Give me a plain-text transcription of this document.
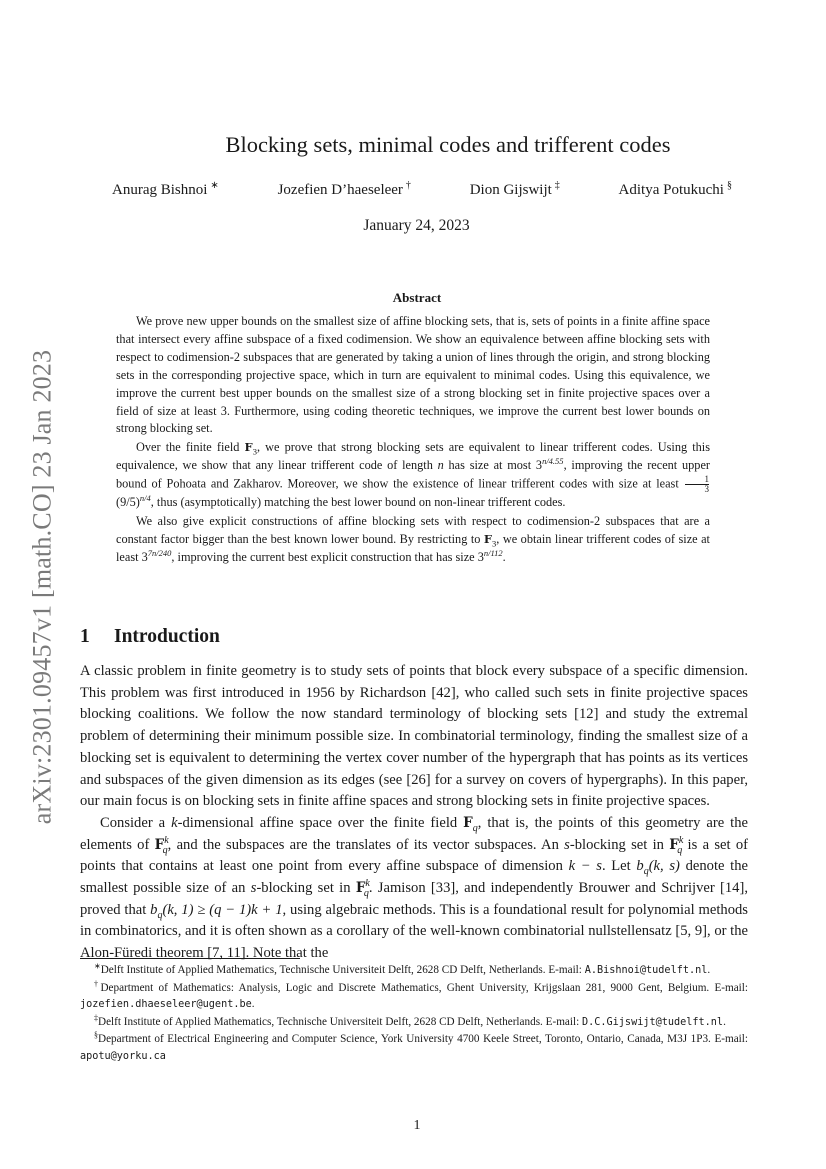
arXiv:2301.09457v1 [math.CO] 23 Jan 2023
Blocking sets, minimal codes and trifferent codes
Anurag Bishnoi ∗	Jozefien D’haeseleer †	Dion Gijswijt ‡	Aditya Potukuchi §
January 24, 2023
Abstract

We prove new upper bounds on the smallest size of affine blocking sets, that is, sets of points in a finite affine space that intersect every affine subspace of a fixed codimension. We show an equivalence between affine blocking sets with respect to codimension-2 subspaces that are generated by taking a union of lines through the origin, and strong blocking sets in the corresponding projective space, which in turn are equivalent to minimal codes. Using this equivalence, we improve the current best upper bounds on the smallest size of a strong blocking set in finite projective spaces over a field of size at least 3. Furthermore, using coding theoretic techniques, we improve the current best lower bounds on strong blocking set.

Over the finite field $F_3$, we prove that strong blocking sets are equivalent to linear trifferent codes. Using this equivalence, we show that any linear trifferent code of length n has size at most $3^{n/4.55}$, improving the recent upper bound of Pohoata and Zakharov. Moreover, we show the existence of linear trifferent codes with size at least $\frac{1}{3}$
$(9/5)^{n/4}$, thus (asymptotically) matching the best lower bound on non-linear trifferent codes.

We also give explicit constructions of affine blocking sets with respect to codimension-2 subspaces that are a constant factor bigger than the best known lower bound. By restricting to $F_3$, we obtain linear trifferent codes of size at least $3^{7n/240}$, improving the current best explicit construction that has size $3^{n/112}$.

1 Introduction

A classic problem in finite geometry is to study sets of points that block every subspace of a specific dimension. This problem was first introduced in 1956 by Richardson [42], who called such sets in finite projective spaces blocking coalitions. We follow the now standard terminology of blocking sets [12] and study the extremal problem of determining their minimum possible size. In combinatorial terminology, finding the smallest size of a blocking set is equivalent to determining the vertex cover number of the hypergraph that has points as its vertices and subspaces of the given dimension as its edges (see [26] for a survey on covers of hypergraphs). In this paper, our main focus is on blocking sets in finite affine spaces and strong blocking sets in finite projective spaces.

Consider a k-dimensional affine space over the finite field $F_q$, that is, the points of this geometry are the elements of $F^k_q$, and the subspaces are the translates of its vector subspaces. An s-blocking set in $F^k_q$ is a set of points that contains at least one point from every affine subspace of dimension k − s. Let $b_q(k$, s) denote the smallest possible size of an s-blocking set in $F^k_q$. Jamison [33], and independently Brouwer and Schrijver [14], proved that $b_q(k$, 1) ≥ (q − 1)k + 1, using algebraic methods. This is a foundational result for polynomial methods in combinatorics, and it is often shown as a corollary of the well-known combinatorial nullstellensatz [5, 9], or the Alon-Füredi theorem [7, 11]. Note that the

∗Delft Institute of Applied Mathematics, Technische Universiteit Delft, 2628 CD Delft, Netherlands. E-mail: A.Bishnoi@tudelft.nl.

†Department of Mathematics: Analysis, Logic and Discrete Mathematics, Ghent University, Krijgslaan 281, 9000 Gent, Belgium. E-mail: jozefien.dhaeseleer@ugent.be.

‡Delft Institute of Applied Mathematics, Technische Universiteit Delft, 2628 CD Delft, Netherlands. E-mail: D.C.Gijswijt@tudelft.nl.

§Department of Electrical Engineering and Computer Science, York University 4700 Keele Street, Toronto, Ontario, Canada, M3J 1P3. E-mail: apotu@yorku.ca

1
